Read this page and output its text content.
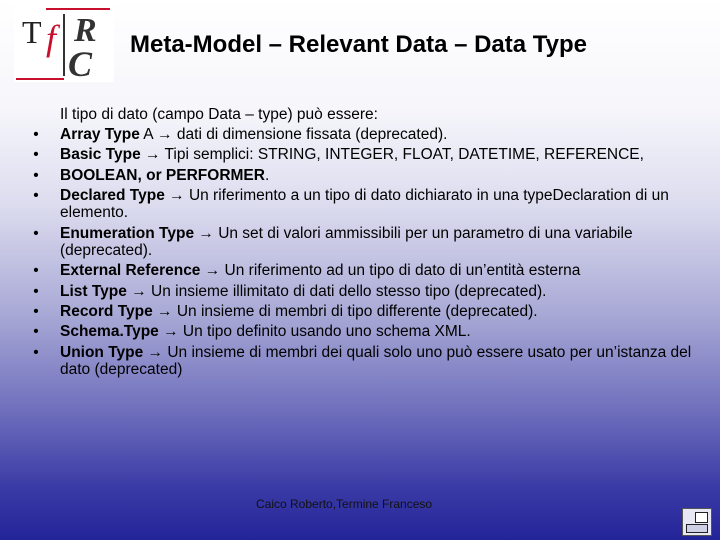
T f R
C Meta-Model – Relevant Data – Data Type
Il tipo di dato (campo Data – type) può essere:
• Array Type A → dati di dimensione fissata (deprecated).
• Basic Type → Tipi semplici: STRING, INTEGER, FLOAT, DATETIME, REFERENCE,
• BOOLEAN, or PERFORMER.
• Declared Type → Un riferimento a un tipo di dato dichiarato in una typeDeclaration di un elemento.
• Enumeration Type → Un set di valori ammissibili per un parametro di una variabile (deprecated).
• External Reference → Un riferimento ad un tipo di dato di un’entità esterna
• List Type → Un insieme illimitato di dati dello stesso tipo (deprecated).
• Record Type → Un insieme di membri di tipo differente (deprecated).
• Schema.Type → Un tipo definito usando uno schema XML.
• Union Type → Un insieme di membri dei quali solo uno può essere usato per un’istanza del dato (deprecated)
Caico Roberto,Termine Franceso
